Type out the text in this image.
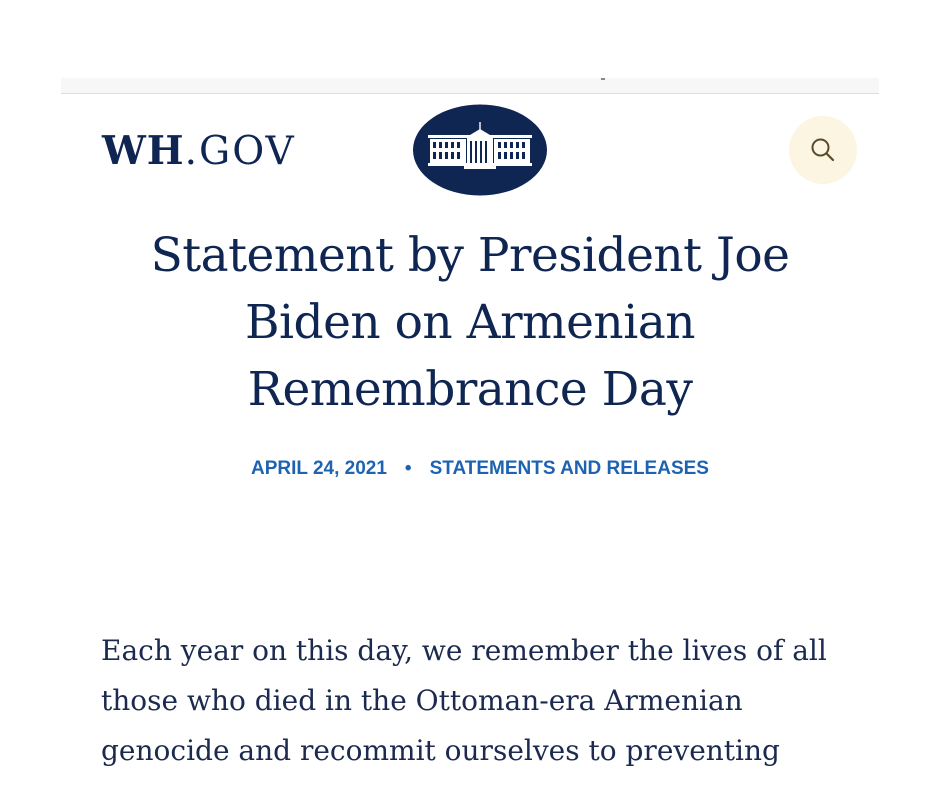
WH.GOV
Statement by President Joe Biden on Armenian Remembrance Day
APRIL 24, 2021 • STATEMENTS AND RELEASES

Each year on this day, we remember the lives of all those who died in the Ottoman-era Armenian genocide and recommit ourselves to preventing
